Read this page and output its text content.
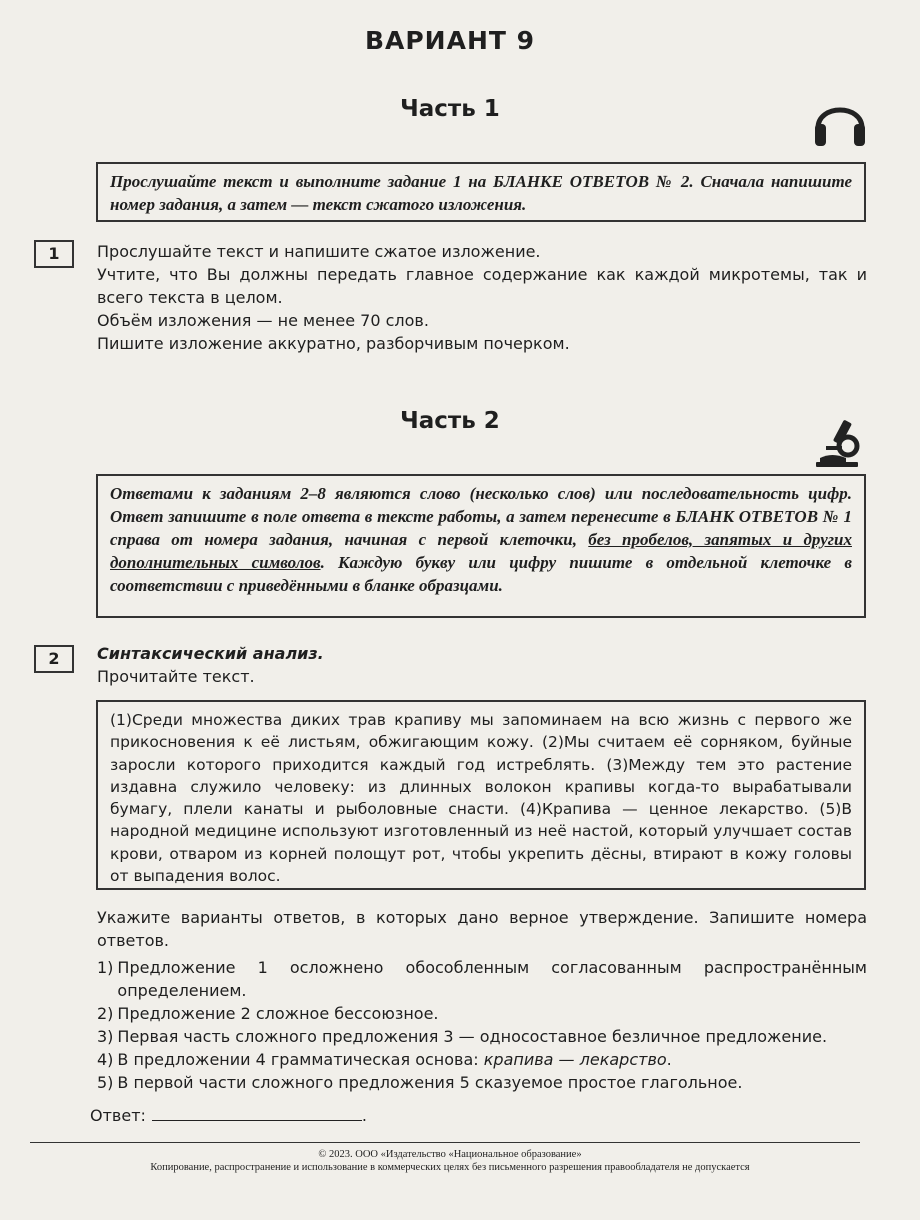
ВАРИАНТ 9
Часть 1
Прослушайте текст и выполните задание 1 на БЛАНКЕ ОТВЕТОВ № 2. Сначала напишите номер задания, а затем — текст сжатого изложения.
1	Прослушайте текст и напишите сжатое изложение.
Учтите, что Вы должны передать главное содержание как каждой микротемы, так и всего текста в целом.
Объём изложения — не менее 70 слов.
Пишите изложение аккуратно, разборчивым почерком.
Часть 2
Ответами к заданиям 2–8 являются слово (несколько слов) или последовательность цифр. Ответ запишите в поле ответа в тексте работы, а затем перенесите в БЛАНК ОТВЕТОВ № 1 справа от номера задания, начиная с первой клеточки, без пробелов, запятых и других дополнительных символов. Каждую букву или цифру пишите в отдельной клеточке в соответствии с приведёнными в бланке образцами.
2	Синтаксический анализ.
Прочитайте текст.
(1)Среди множества диких трав крапиву мы запоминаем на всю жизнь с первого же прикосновения к её листьям, обжигающим кожу. (2)Мы считаем её сорняком, буйные заросли которого приходится каждый год истреблять. (3)Между тем это растение издавна служило человеку: из длинных волокон крапивы когда-то вырабатывали бумагу, плели канаты и рыболовные снасти. (4)Крапива — ценное лекарство. (5)В народной медицине используют изготовленный из неё настой, который улучшает состав крови, отваром из корней полощут рот, чтобы укрепить дёсны, втирают в кожу головы от выпадения волос.
Укажите варианты ответов, в которых дано верное утверждение. Запишите номера ответов.
1) Предложение 1 осложнено обособленным согласованным распространённым определением.
2) Предложение 2 сложное бессоюзное.
3) Первая часть сложного предложения 3 — односоставное безличное предложение.
4) В предложении 4 грамматическая основа: крапива — лекарство.
5) В первой части сложного предложения 5 сказуемое простое глагольное.
Ответ:	.
© 2023. ООО «Издательство «Национальное образование»
Копирование, распространение и использование в коммерческих целях без письменного разрешения правообладателя не допускается
